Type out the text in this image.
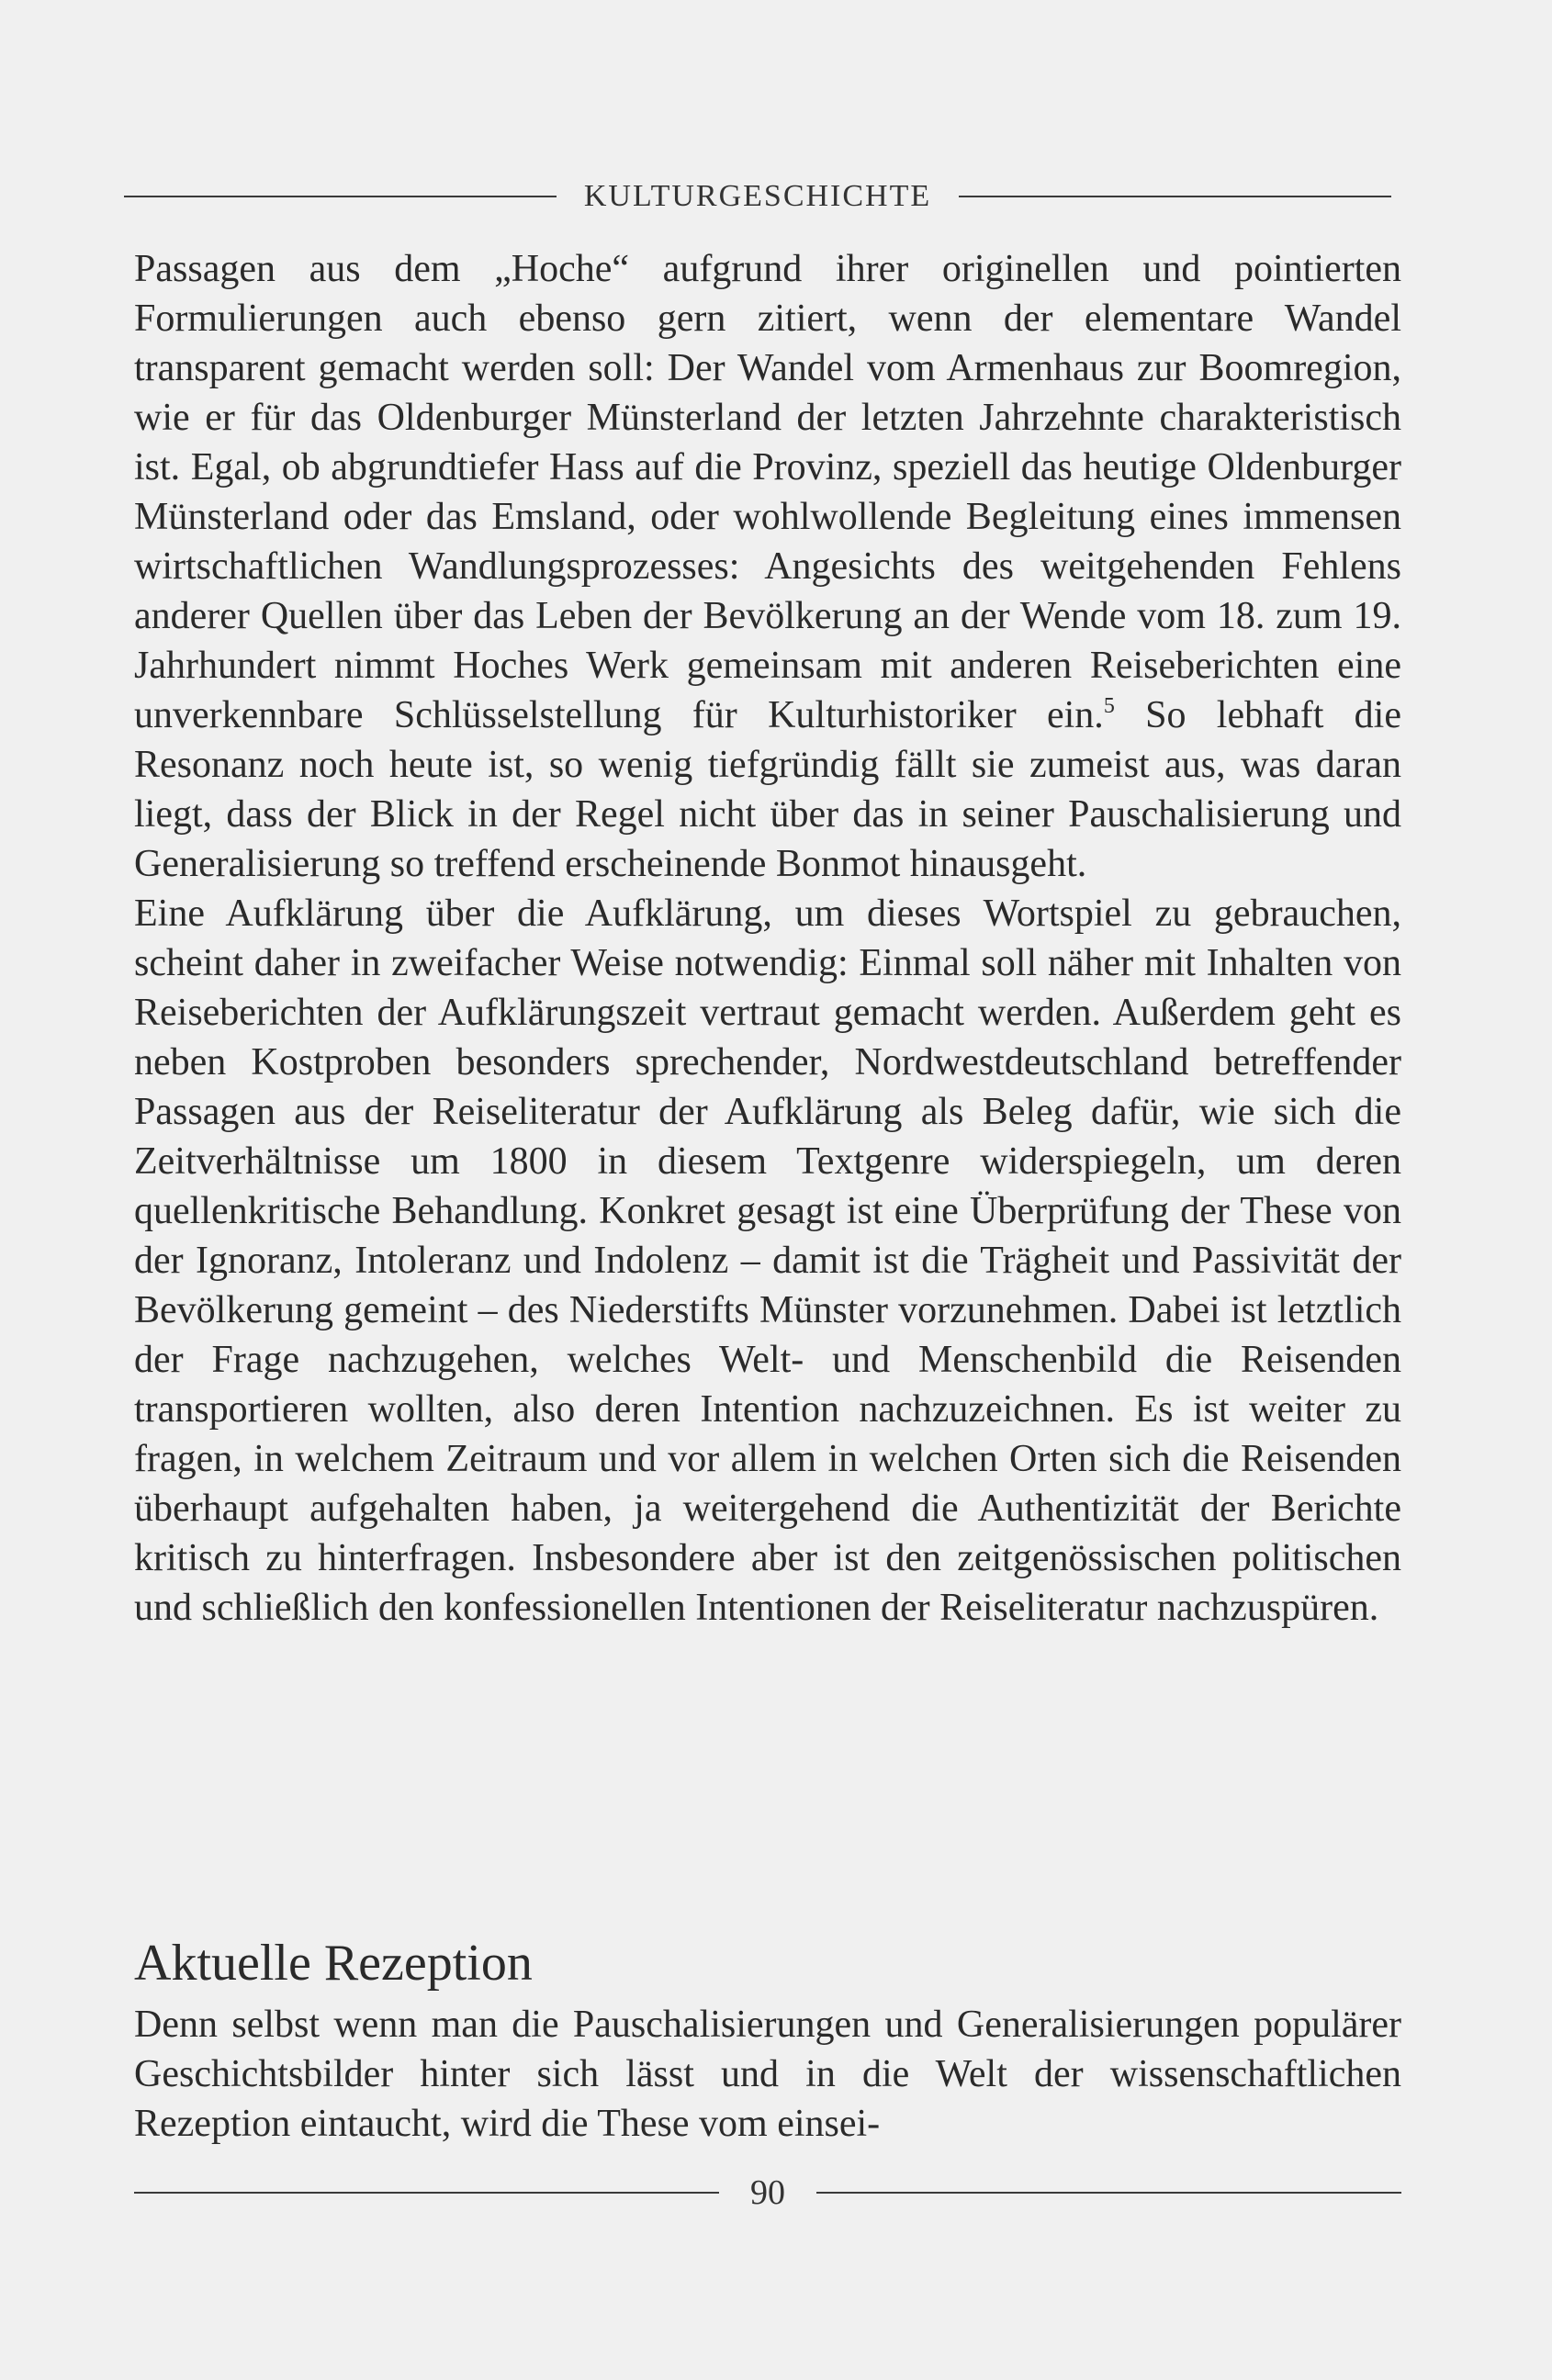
KULTURGESCHICHTE

Passagen aus dem „Hoche“ aufgrund ihrer originellen und pointierten Formulierungen auch ebenso gern zitiert, wenn der elementare Wandel transparent gemacht werden soll: Der Wandel vom Armenhaus zur Boomregion, wie er für das Oldenburger Münsterland der letzten Jahrzehnte charakteristisch ist. Egal, ob abgrundtiefer Hass auf die Provinz, speziell das heutige Oldenburger Münsterland oder das Emsland, oder wohlwollende Begleitung eines immensen wirtschaftlichen Wandlungsprozesses: Angesichts des weitgehenden Fehlens anderer Quellen über das Leben der Bevölkerung an der Wende vom 18. zum 19. Jahrhundert nimmt Hoches Werk gemeinsam mit anderen Reiseberichten eine unverkennbare Schlüsselstellung für Kulturhistoriker ein.$^5$ So lebhaft die Resonanz noch heute ist, so wenig tiefgründig fällt sie zumeist aus, was daran liegt, dass der Blick in der Regel nicht über das in seiner Pauschalisierung und Generalisierung so treffend erscheinende Bonmot hinausgeht.

Eine Aufklärung über die Aufklärung, um dieses Wortspiel zu gebrauchen, scheint daher in zweifacher Weise notwendig: Einmal soll näher mit Inhalten von Reiseberichten der Aufklärungszeit vertraut gemacht werden. Außerdem geht es neben Kostproben besonders sprechender, Nordwestdeutschland betreffender Passagen aus der Reiseliteratur der Aufklärung als Beleg dafür, wie sich die Zeitverhältnisse um 1800 in diesem Textgenre widerspiegeln, um deren quellenkritische Behandlung. Konkret gesagt ist eine Überprüfung der These von der Ignoranz, Intoleranz und Indolenz – damit ist die Trägheit und Passivität der Bevölkerung gemeint – des Niederstifts Münster vorzunehmen. Dabei ist letztlich der Frage nachzugehen, welches Welt- und Menschenbild die Reisenden transportieren wollten, also deren Intention nachzuzeichnen. Es ist weiter zu fragen, in welchem Zeitraum und vor allem in welchen Orten sich die Reisenden überhaupt aufgehalten haben, ja weitergehend die Authentizität der Berichte kritisch zu hinterfragen. Insbesondere aber ist den zeitgenössischen politischen und schließlich den konfessionellen Intentionen der Reiseliteratur nachzuspüren.

Aktuelle Rezeption

Denn selbst wenn man die Pauschalisierungen und Generalisierungen populärer Geschichtsbilder hinter sich lässt und in die Welt der wissenschaftlichen Rezeption eintaucht, wird die These vom einsei-

90
